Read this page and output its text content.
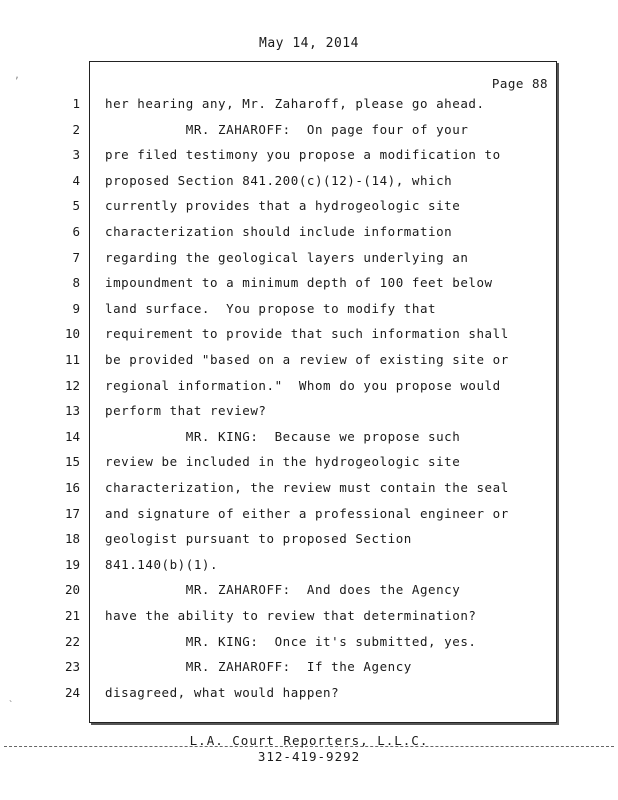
May 14, 2014
Page 88
1 her hearing any, Mr. Zaharoff, please go ahead.
2 MR. ZAHAROFF:  On page four of your
3 pre filed testimony you propose a modification to
4 proposed Section 841.200(c)(12)-(14), which
5 currently provides that a hydrogeologic site
6 characterization should include information
7 regarding the geological layers underlying an
8 impoundment to a minimum depth of 100 feet below
9 land surface.  You propose to modify that
10 requirement to provide that such information shall
11 be provided "based on a review of existing site or
12 regional information."  Whom do you propose would
13 perform that review?
14 MR. KING:  Because we propose such
15 review be included in the hydrogeologic site
16 characterization, the review must contain the seal
17 and signature of either a professional engineer or
18 geologist pursuant to proposed Section
19 841.140(b)(1).
20 MR. ZAHAROFF:  And does the Agency
21 have the ability to review that determination?
22 MR. KING:  Once it's submitted, yes.
23 MR. ZAHAROFF:  If the Agency
24 disagreed, what would happen?
L.A. Court Reporters, L.L.C.
312-419-9292
,
`
